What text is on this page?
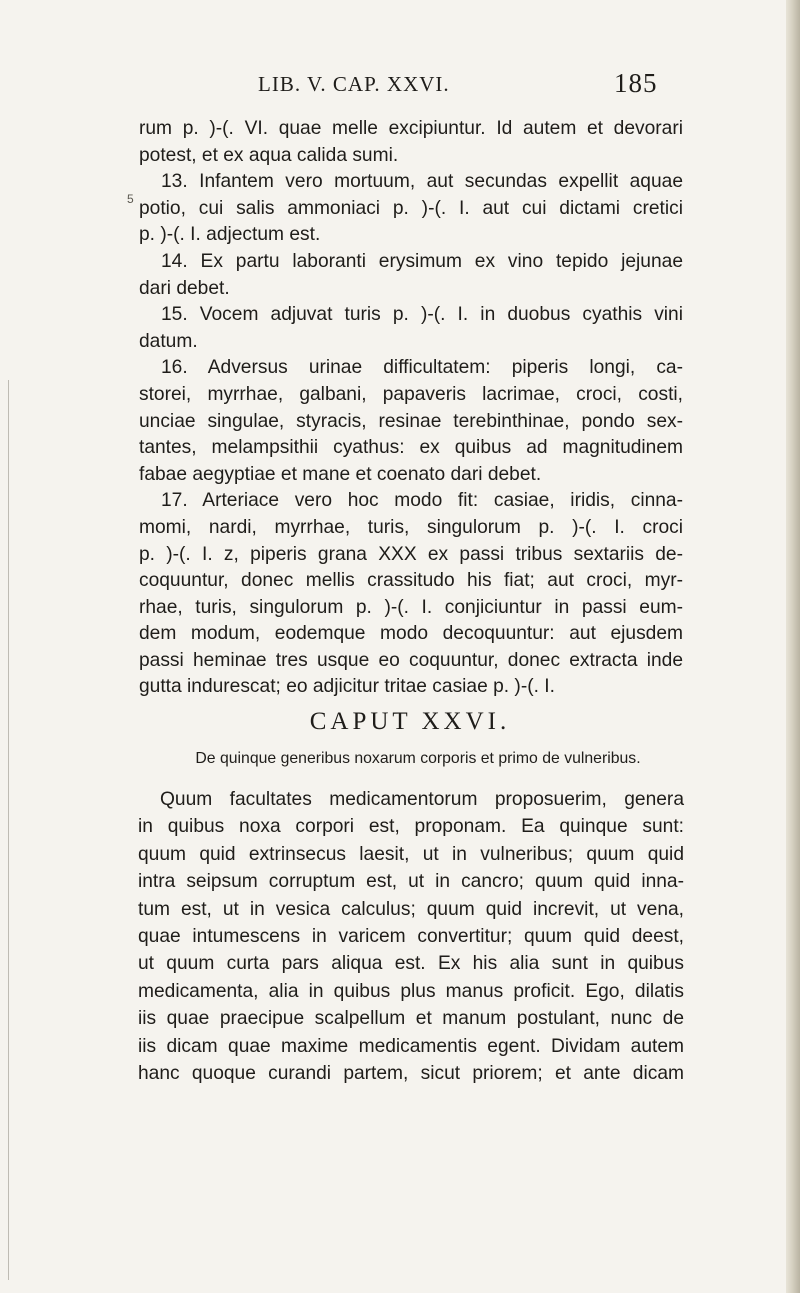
LIB. V. CAP. XXVI.	185
5
rum p. )-(. VI. quae melle excipiuntur. Id autem et devorari
potest, et ex aqua calida sumi.
13. Infantem vero mortuum, aut secundas expellit aquae
potio, cui salis ammoniaci p. )-(. I. aut cui dictami cretici
p. )-(. I. adjectum est.
14. Ex partu laboranti erysimum ex vino tepido jejunae
dari debet.
15. Vocem adjuvat turis p. )-(. I. in duobus cyathis vini
datum.
16. Adversus urinae difficultatem: piperis longi, ca-
storei, myrrhae, galbani, papaveris lacrimae, croci, costi,
unciae singulae, styracis, resinae terebinthinae, pondo sex-
tantes, melampsithii cyathus: ex quibus ad magnitudinem
fabae aegyptiae et mane et coenato dari debet.
17. Arteriace vero hoc modo fit: casiae, iridis, cinna-
momi, nardi, myrrhae, turis, singulorum p. )-(. I. croci
p. )-(. I. z, piperis grana XXX ex passi tribus sextariis de-
coquuntur, donec mellis crassitudo his fiat; aut croci, myr-
rhae, turis, singulorum p. )-(. I. conjiciuntur in passi eum-
dem modum, eodemque modo decoquuntur: aut ejusdem
passi heminae tres usque eo coquuntur, donec extracta inde
gutta indurescat; eo adjicitur tritae casiae p. )-(. I.
CAPUT XXVI.
De quinque generibus noxarum corporis et primo de vulneribus.
Quum facultates medicamentorum proposuerim, genera
in quibus noxa corpori est, proponam. Ea quinque sunt:
quum quid extrinsecus laesit, ut in vulneribus; quum quid
intra seipsum corruptum est, ut in cancro; quum quid inna-
tum est, ut in vesica calculus; quum quid increvit, ut vena,
quae intumescens in varicem convertitur; quum quid deest,
ut quum curta pars aliqua est. Ex his alia sunt in quibus
medicamenta, alia in quibus plus manus proficit. Ego, dilatis
iis quae praecipue scalpellum et manum postulant, nunc de
iis dicam quae maxime medicamentis egent. Dividam autem
hanc quoque curandi partem, sicut priorem; et ante dicam
